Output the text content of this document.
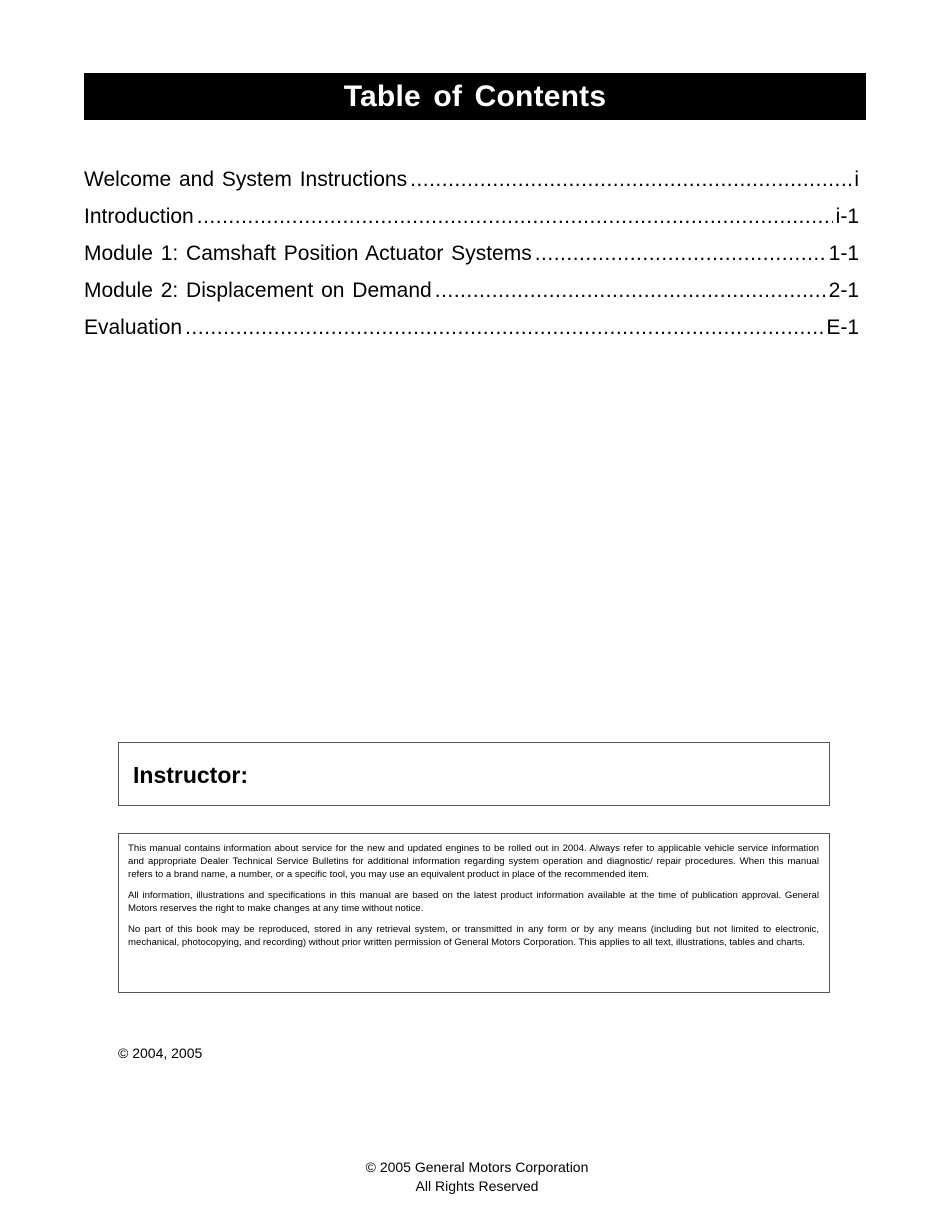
Table of Contents
Welcome and System Instructions .....	i
Introduction .....	i-1
Module 1: Camshaft Position Actuator Systems .....	1-1
Module 2: Displacement on Demand .....	2-1
Evaluation .....	E-1
Instructor:

This manual contains information about service for the new and updated engines to be rolled out in 2004. Always refer to applicable vehicle service information and appropriate Dealer Technical Service Bulletins for additional information regarding system operation and diagnostic/ repair procedures. When this manual refers to a brand name, a number, or a specific tool, you may use an equivalent product in place of the recommended item.

All information, illustrations and specifications in this manual are based on the latest product information available at the time of publication approval. General Motors reserves the right to make changes at any time without notice.

No part of this book may be reproduced, stored in any retrieval system, or transmitted in any form or by any means (including but not limited to electronic, mechanical, photocopying, and recording) without prior written permission of General Motors Corporation. This applies to all text, illustrations, tables and charts.

© 2004, 2005
© 2005 General Motors Corporation
All Rights Reserved
